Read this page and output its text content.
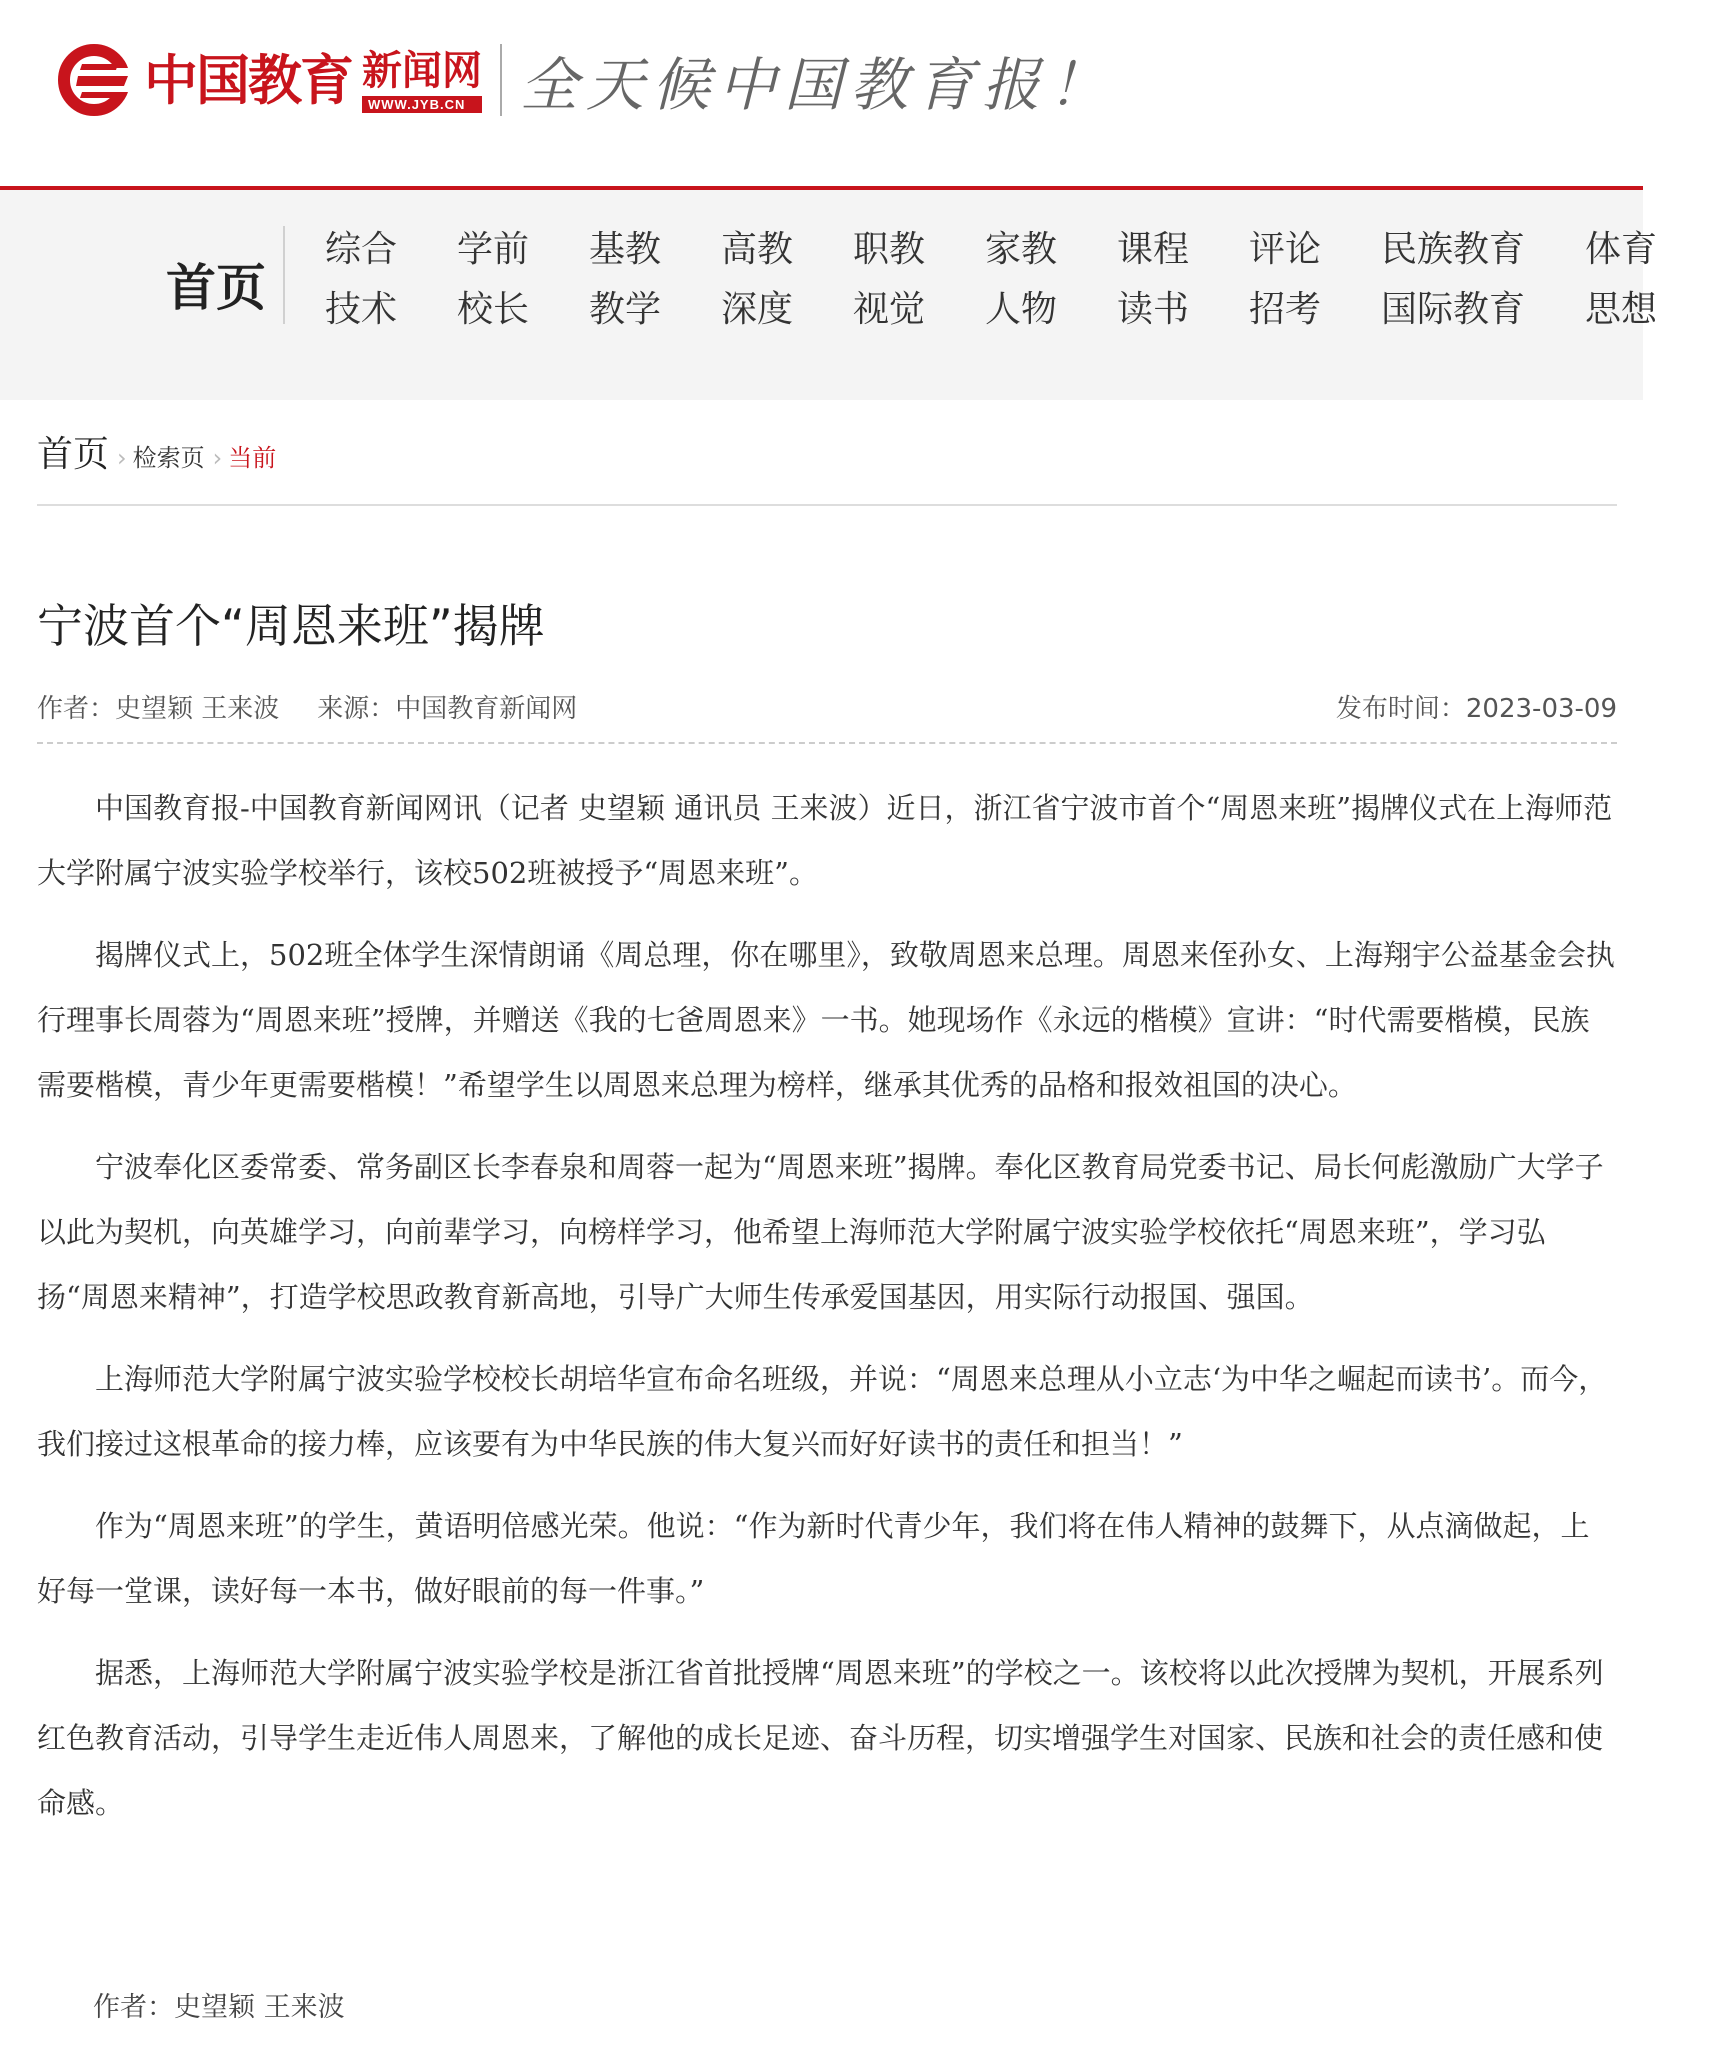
中国教育 新闻网
WWW.JYB.CN 全天候中国教育报！
首页
综合
技术
学前
校长
基教
教学
高教
深度
职教
视觉
家教
人物
课程
读书
评论
招考
民族教育
国际教育
体育
思想
首页 › 检索页 › 当前
宁波首个“周恩来班”揭牌
作者：史望颖 王来波 来源：中国教育新闻网	发布时间：2023-03-09

中国教育报-中国教育新闻网讯（记者 史望颖 通讯员 王来波）近日，浙江省宁波市首个“周恩来班”揭牌仪式在上海师范大学附属宁波实验学校举行，该校502班被授予“周恩来班”。

揭牌仪式上，502班全体学生深情朗诵《周总理，你在哪里》，致敬周恩来总理。周恩来侄孙女、上海翔宇公益基金会执行理事长周蓉为“周恩来班”授牌，并赠送《我的七爸周恩来》一书。她现场作《永远的楷模》宣讲：“时代需要楷模，民族需要楷模，青少年更需要楷模！”希望学生以周恩来总理为榜样，继承其优秀的品格和报效祖国的决心。

宁波奉化区委常委、常务副区长李春泉和周蓉一起为“周恩来班”揭牌。奉化区教育局党委书记、局长何彪激励广大学子以此为契机，向英雄学习，向前辈学习，向榜样学习，他希望上海师范大学附属宁波实验学校依托“周恩来班”，学习弘扬“周恩来精神”，打造学校思政教育新高地，引导广大师生传承爱国基因，用实际行动报国、强国。

上海师范大学附属宁波实验学校校长胡培华宣布命名班级，并说：“周恩来总理从小立志‘为中华之崛起而读书’。而今，我们接过这根革命的接力棒，应该要有为中华民族的伟大复兴而好好读书的责任和担当！”

作为“周恩来班”的学生，黄语明倍感光荣。他说：“作为新时代青少年，我们将在伟人精神的鼓舞下，从点滴做起，上好每一堂课，读好每一本书，做好眼前的每一件事。”

据悉，上海师范大学附属宁波实验学校是浙江省首批授牌“周恩来班”的学校之一。该校将以此次授牌为契机，开展系列红色教育活动，引导学生走近伟人周恩来，了解他的成长足迹、奋斗历程，切实增强学生对国家、民族和社会的责任感和使命感。

作者：史望颖 王来波
